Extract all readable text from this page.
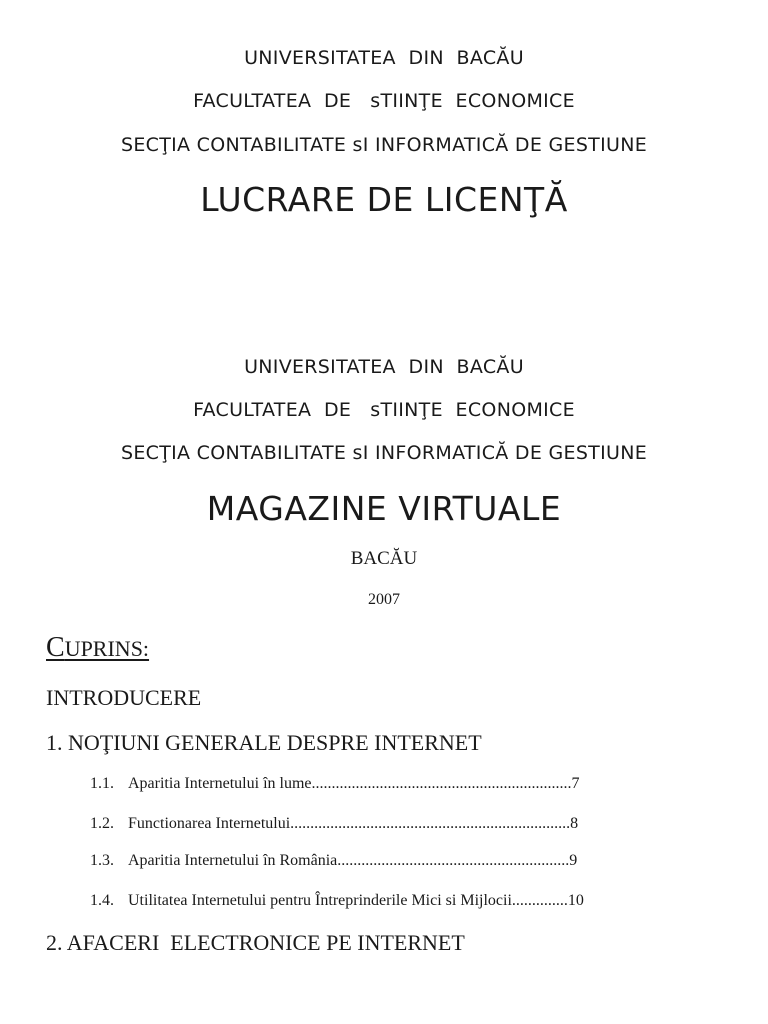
UNIVERSITATEA  DIN  BACĂU
FACULTATEA  DE   sTIINŢE  ECONOMICE
SECŢIA CONTABILITATE sI INFORMATICĂ DE GESTIUNE
LUCRARE DE LICENŢĂ
UNIVERSITATEA  DIN  BACĂU
FACULTATEA  DE   sTIINŢE  ECONOMICE
SECŢIA CONTABILITATE sI INFORMATICĂ DE GESTIUNE
MAGAZINE VIRTUALE
BACĂU
2007
CUPRINS:
INTRODUCERE
1. NOŢIUNI GENERALE DESPRE INTERNET
1.1. Aparitia Internetului în lume.................................................................7
1.2. Functionarea Internetului......................................................................8
1.3. Aparitia Internetului în România..........................................................9
1.4. Utilitatea Internetului pentru Întreprinderile Mici si Mijlocii..............10
2. AFACERI  ELECTRONICE PE INTERNET
